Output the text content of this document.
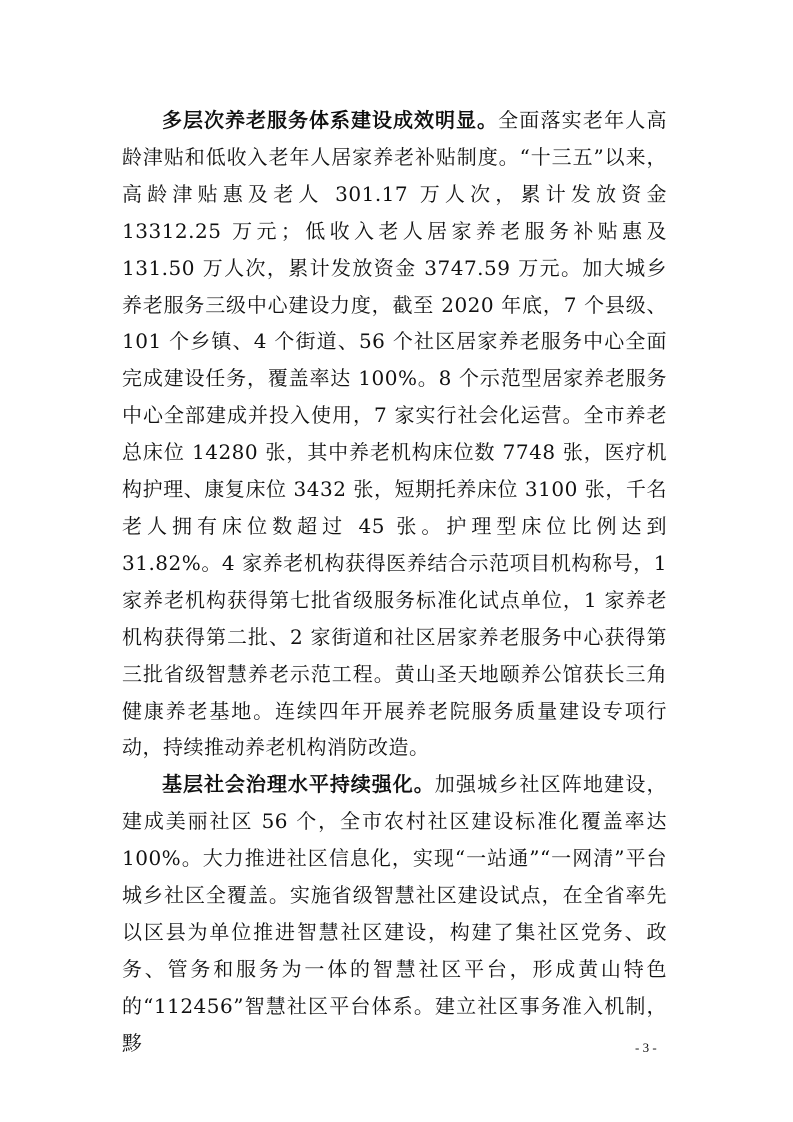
多层次养老服务体系建设成效明显。全面落实老年人高龄津贴和低收入老年人居家养老补贴制度。“十三五”以来，高龄津贴惠及老人 301.17 万人次，累计发放资金 13312.25 万元；低收入老人居家养老服务补贴惠及 131.50 万人次，累计发放资金 3747.59 万元。加大城乡养老服务三级中心建设力度，截至 2020 年底，7 个县级、101 个乡镇、4 个街道、56 个社区居家养老服务中心全面完成建设任务，覆盖率达 100%。8 个示范型居家养老服务中心全部建成并投入使用，7 家实行社会化运营。全市养老总床位 14280 张，其中养老机构床位数 7748 张，医疗机构护理、康复床位 3432 张，短期托养床位 3100 张，千名老人拥有床位数超过 45 张。护理型床位比例达到 31.82%。4 家养老机构获得医养结合示范项目机构称号，1 家养老机构获得第七批省级服务标准化试点单位，1 家养老机构获得第二批、2 家街道和社区居家养老服务中心获得第三批省级智慧养老示范工程。黄山圣天地颐养公馆获长三角健康养老基地。连续四年开展养老院服务质量建设专项行动，持续推动养老机构消防改造。

基层社会治理水平持续强化。加强城乡社区阵地建设，建成美丽社区 56 个，全市农村社区建设标准化覆盖率达 100%。大力推进社区信息化，实现“一站通”“一网清”平台城乡社区全覆盖。实施省级智慧社区建设试点，在全省率先以区县为单位推进智慧社区建设，构建了集社区党务、政务、管务和服务为一体的智慧社区平台，形成黄山特色的“112456”智慧社区平台体系。建立社区事务准入机制，黟	- 3 -
